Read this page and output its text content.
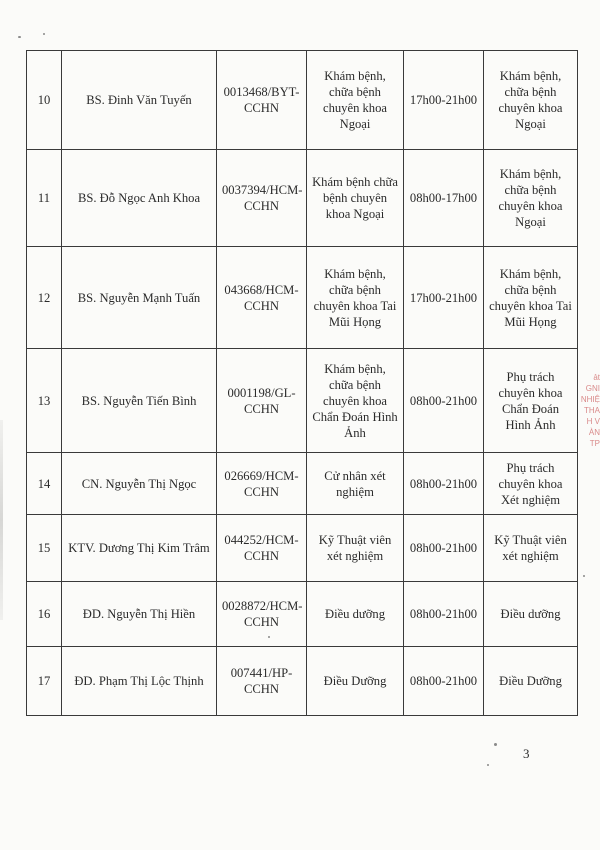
10	BS. Đinh Văn Tuyến	0013468/BYT-CCHN	Khám bệnh, chữa bệnh chuyên khoa Ngoại	17h00-21h00	Khám bệnh, chữa bệnh chuyên khoa Ngoại
11	BS. Đỗ Ngọc Anh Khoa	0037394/HCM-CCHN	Khám bệnh chữa bệnh chuyên khoa Ngoại	08h00-17h00	Khám bệnh, chữa bệnh chuyên khoa Ngoại
12	BS. Nguyễn Mạnh Tuấn	043668/HCM-CCHN	Khám bệnh, chữa bệnh chuyên khoa Tai Mũi Họng	17h00-21h00	Khám bệnh, chữa bệnh chuyên khoa Tai Mũi Họng
13	BS. Nguyễn Tiến Bình	0001198/GL-CCHN	Khám bệnh, chữa bệnh chuyên khoa Chẩn Đoán Hình Ảnh	08h00-21h00	Phụ trách chuyên khoa Chẩn Đoán Hình Ảnh
14	CN. Nguyễn Thị Ngọc	026669/HCM-CCHN	Cử nhân xét nghiệm	08h00-21h00	Phụ trách chuyên khoa Xét nghiệm
15	KTV. Dương Thị Kim Trâm	044252/HCM-CCHN	Kỹ Thuật viên xét nghiệm	08h00-21h00	Kỹ Thuật viên xét nghiệm
16	ĐD. Nguyễn Thị Hiền	0028872/HCM-CCHN	Điều dưỡng	08h00-21h00	Điều dưỡng
17	ĐD. Phạm Thị Lộc Thịnh	007441/HP-CCHN	Điều Dưỡng	08h00-21h00	Điều Dưỡng
ảt
GNI
NHIỆ
THA
H V
ÀN
TP
3
